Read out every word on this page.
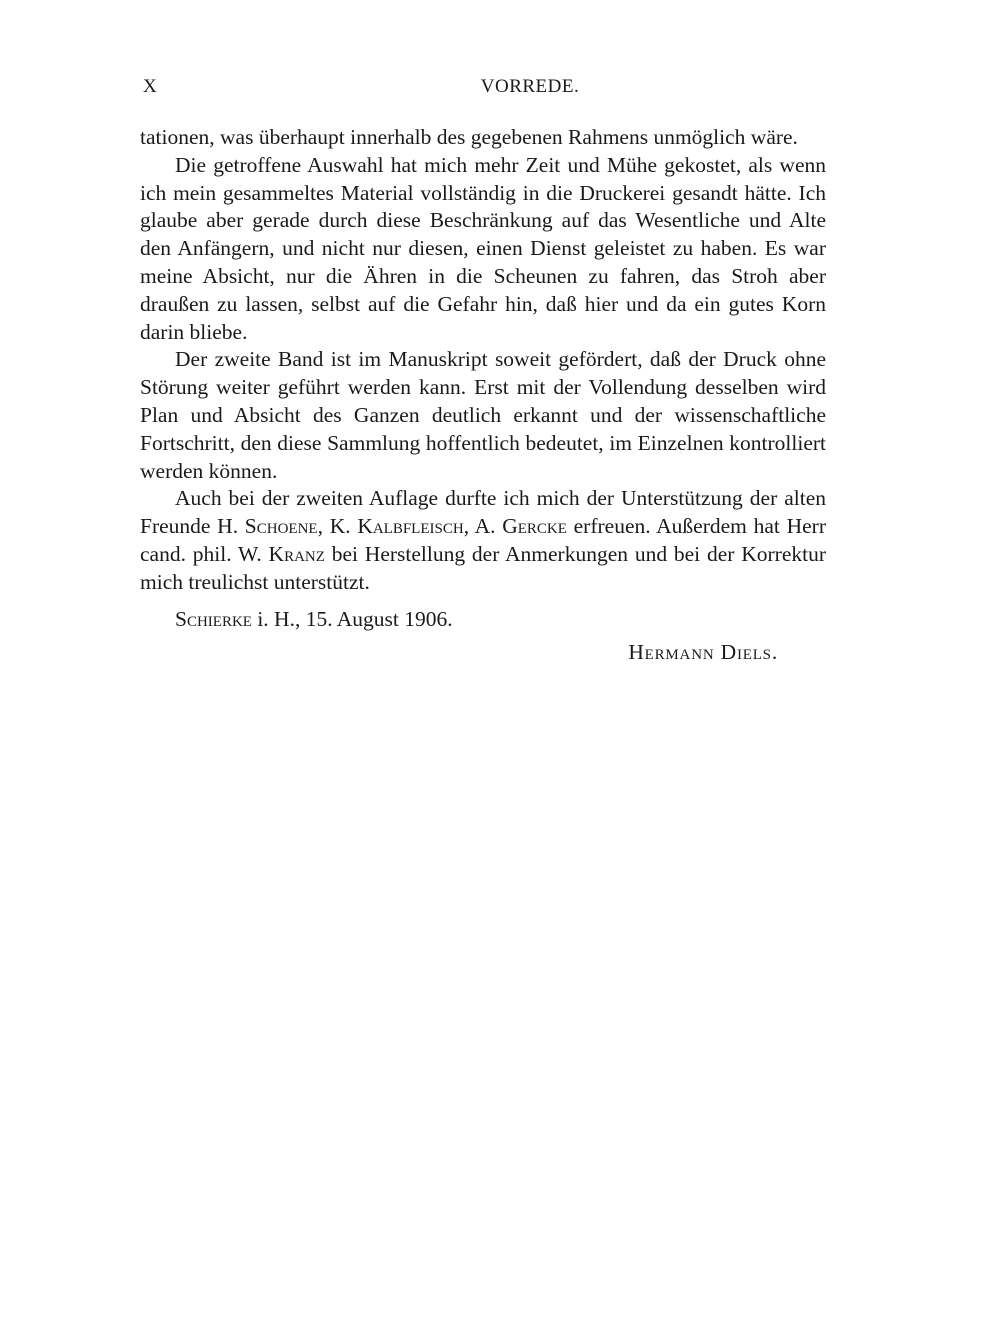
X	VORREDE.

tationen, was überhaupt innerhalb des gegebenen Rahmens unmöglich wäre.

Die getroffene Auswahl hat mich mehr Zeit und Mühe gekostet, als wenn ich mein gesammeltes Material vollständig in die Druckerei gesandt hätte. Ich glaube aber gerade durch diese Beschränkung auf das Wesentliche und Alte den Anfängern, und nicht nur diesen, einen Dienst geleistet zu haben. Es war meine Absicht, nur die Ähren in die Scheunen zu fahren, das Stroh aber draußen zu lassen, selbst auf die Gefahr hin, daß hier und da ein gutes Korn darin bliebe.

Der zweite Band ist im Manuskript soweit gefördert, daß der Druck ohne Störung weiter geführt werden kann. Erst mit der Vollendung desselben wird Plan und Absicht des Ganzen deutlich erkannt und der wissenschaftliche Fortschritt, den diese Sammlung hoffentlich bedeutet, im Einzelnen kontrolliert werden können.

Auch bei der zweiten Auflage durfte ich mich der Unterstützung der alten Freunde H. Schoene, K. Kalbfleisch, A. Gercke erfreuen. Außerdem hat Herr cand. phil. W. Kranz bei Herstellung der Anmerkungen und bei der Korrektur mich treulichst unterstützt.

Schierke i. H., 15. August 1906.
Hermann Diels.
